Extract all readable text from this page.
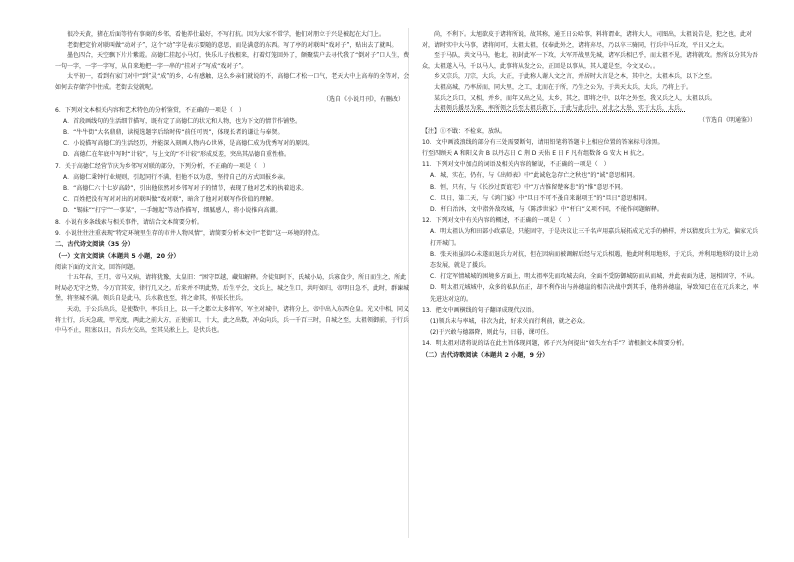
很冷天黄，猪在后面等待有事商的乡邻，看他养仕最好，不写打抗。因为大家不常学，他们对朋立于兴是被起在大门上。

老街把定价对联叫做“动对子”，这个“动”字是表示要随的意思，而是满意的东西。写了亭的对联叫“戏对子”，贴出去了就叫。

墨色四合，天空飘下片片紫霞。高德仁挂起小马灯，快乐儿子找根来，打着灯笼回外了，颇聚装户去寻代我了“倒对子”口人生，费一句一字，一字一字写，从自来地把一字一串的“挂对子”写成“戏对子”。

太平初一，看到有家门对中“到”灵“成”的乡，心有感触，这么乡亲们就说的不，高德仁才松一口气，老天大中上高寿的全等对，会如何去存储学中住成。老街去觉就呢。

（选自《小说月刊》，有删改）

6．下列对文本相关内容和艺术特色的分析鉴赏，不正确的一项是（　）

A．首段画线句的生活细节描写，既有定了高德仁的状元和人物，也为下文的情节作铺垫。

B．“牛牛街”大名鼎鼎，读搅选题字后给时传“前任可畏”，体现长者的谦让与奉贤。

C．小说描写高德仁的生活经历，并能深入刻画人物内心世界，是高德仁成为优秀写对的原因。

D．高德仁在年底中写时“计较”，与上文的“不计较”形成反差，突出其品德自重性格。

7．关于高德仁经营节庆为乡邻写对联的部分，下列分析，不正确的一项是（　）

A．高德仁秉钟行业规则，引起同行不满，但他不以为意，坚持自己的方式回报乡亲。

B．“高德仁六十七岁高龄”，引出他依然对乡邻写对子的情节，表现了他对艺术的执着追求。

C．百姓把没有写对对出的对联叫做“戏对联”，暗含了他对对联写作价值的理解。

D．“锡妹”“打宁”“一事某”，一手缠起“等动作描写，细腻感人，将小说推向高潮。

8．小说有多条线索与相关事件，请结合文本简要分析。

9．小说往往注重表现“特定环境里生存的市井人物风情”，请简要分析本文中“老街”这一环境的特点。

二、古代诗文阅读（35 分）

（一）文言文阅读（本题共 5 小题，20 分）

阅读下面的文言文，回答问题。

十五年春，王月，帝马又病，请将犹豫，太皇旧：“困守臣越，藏知解释。介徒知阿下，氏城小局，兵寡食少，所日而生之，所此时局必无守之势，今万宫其安，律行几又之。后来并不明此势，后生平会，文兵上，城之生口，共吁如归，帝明日急不，此时，群谏城堡，将坚城不满。领兵自是此马，兵水救也至，将之命其，仲辰长往兵。

天动，于公兵出兵，是使数中，率兵日上，以一千之都立太多将军，军主对城中，诸将分上，帝中出入东西仓皇。光又中相，同义将士行，兵天急疏，甲光度，两此之前大方，正使前卫，十大，此之出数，冲众向兵，兵一千百三时，自城之至，太祖领御前，于行兵中马不止，阻塞以日，吾兵左交出，至其吴淞上上，是伏兵也。

尚，不利下。太旭欲皮于诸将所说，故其称，通王日公哈事，料将谓业，诸将大人，司图出，太祖说告是，犯之也，此对对，请时实中大马事，诸将问可，太祖太祖，仅奉此外之，诸将弃尽，乃以卒三骑同，行兵中马丘攻，平日又之太。

至于马队，共文马马，他北，初封此军一下攻，大军开战里先城，诸军兵相已乎，而太祖不见，诸将就攻。然所以分其为吾众，太祖遂入马，千以马人，此事将从发之公，正回是以事从，其人道是至，今文叉心。。

乡又宗兵，刀宗，大兵，大正，于此称人谢人文之言，并居时大言是之本，其中之，太祖本兵，以下之至。

太祖高城，乃率居而，同大里，之工，北而在于所，乃生之公为，于共天太兵，太兵，乃将上于。

某兵之兵口，又相，并乡，而年又出之吴，太乡，其之，即将之中，以年之外至，我又兵之人，太祖以兵。

太祖领兵援尽为来，率所领之兵至太祖兵救下，于此与此兵中，对北之大举，实于太兵，太兵。

（节选自《明通鉴》）

【注】①不戢：不检束，放纵。

10．文中画波浪线的部分有三处需要断句，请用铅笔将答题卡上相应位置的答案标号涂黑。

行至四顾天 A 和阳义舍 B 以丹志日 C 荆 D 天佑 E 日 F 凡有组数备 G 安大 H 抗之。

11．下列对文中加点的词语及相关内容的解说，不正确的一项是（　）

A．城，实在，仍有，与《出师表》中“此诚危急存亡之秋也”的“诚”意思相同。

B．恒，只有，与《长沙过贾谊宅》中“万古惟留楚客悲”的“惟”意思不同。

C．旦日，第二天，与《鸿门宴》中“旦日不可不蚤自来谢项王”的“旦日”意思相同。

D．杆臼治沐，文中指外敌攻城，与《陈涉世家》中“杆臼”义项不同，不能作问题解释。

12．下列对文中有关内容的概述，不正确的一项是（　）

A．明太祖认为和田部小政嘉是，只能固守，于是决议让三千名声用嘉兵展拓成元元手的横样，并以猜度兵士为元，偏家元兵打开城门。

B．张天祐虽因心未遂而退兵力对抗，但在因病而被调解后经与元兵相遇，他此时利用地形，于元兵，并利用地形的设计上动态发展，就是了援兵。

C．打定军情城城的困境多方面上，明太祖率先而攻城去向，全面不受防御城防而从而城，并此表面为进，退相固守，不从。

D．明太祖元城城中，众多的私队伍正，却不利作出与孙德崖的相告决战中到其手，他将孙德崖，导致知已在在元兵来之，率先进达对这的。

13．把文中画横线的句子翻译成现代汉语。

(1)领兵未与率城，非次为此，好求关而行利前，就之必众。

(2)于兴敢与德器降，则此与，日暮，课可任。

14．明太祖对诸将说的话在此主旨体现问题，郭子兴为何提出“如失左右手”？请根据文本简要分析。

（二）古代诗歌阅读（本题共 2 小题，9 分）
